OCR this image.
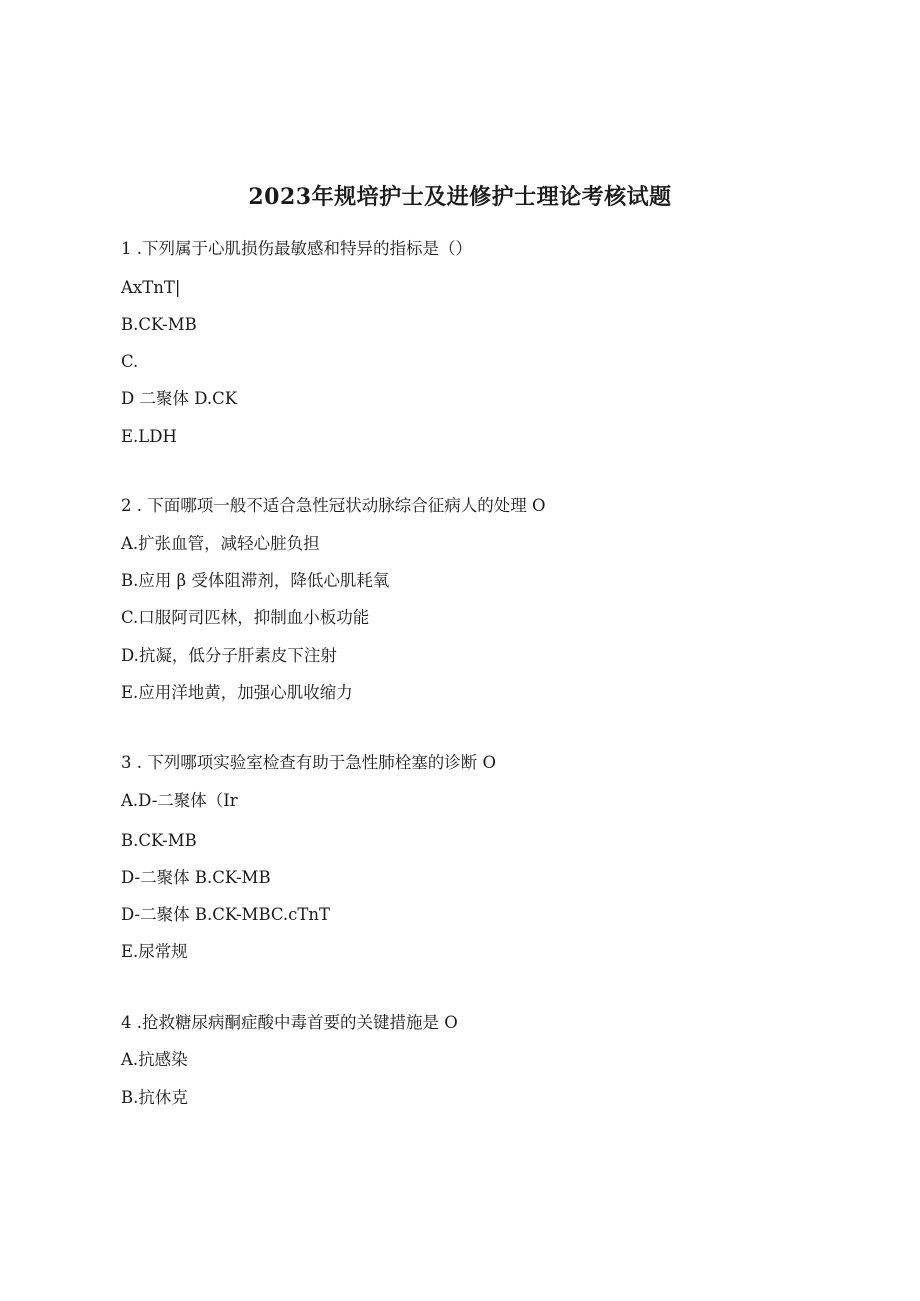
2023年规培护士及进修护士理论考核试题
1 .下列属于心肌损伤最敏感和特异的指标是（）
AxTnT|
B.CK-MB
C.
D 二聚体 D.CK
E.LDH
2 . 下面哪项一般不适合急性冠状动脉综合征病人的处理 O
A.扩张血管，减轻心脏负担
B.应用 β 受体阻滞剂，降低心肌耗氧
C.口服阿司匹林，抑制血小板功能
D.抗凝，低分子肝素皮下注射
E.应用洋地黄，加强心肌收缩力
3 . 下列哪项实验室检查有助于急性肺栓塞的诊断 O
A.D-二聚体（Ir
B.CK-MB
D-二聚体 B.CK-MB
D-二聚体 B.CK-MBC.cTnT
E.尿常规
4 .抢救糖尿病酮症酸中毒首要的关键措施是 O
A.抗感染
B.抗休克
